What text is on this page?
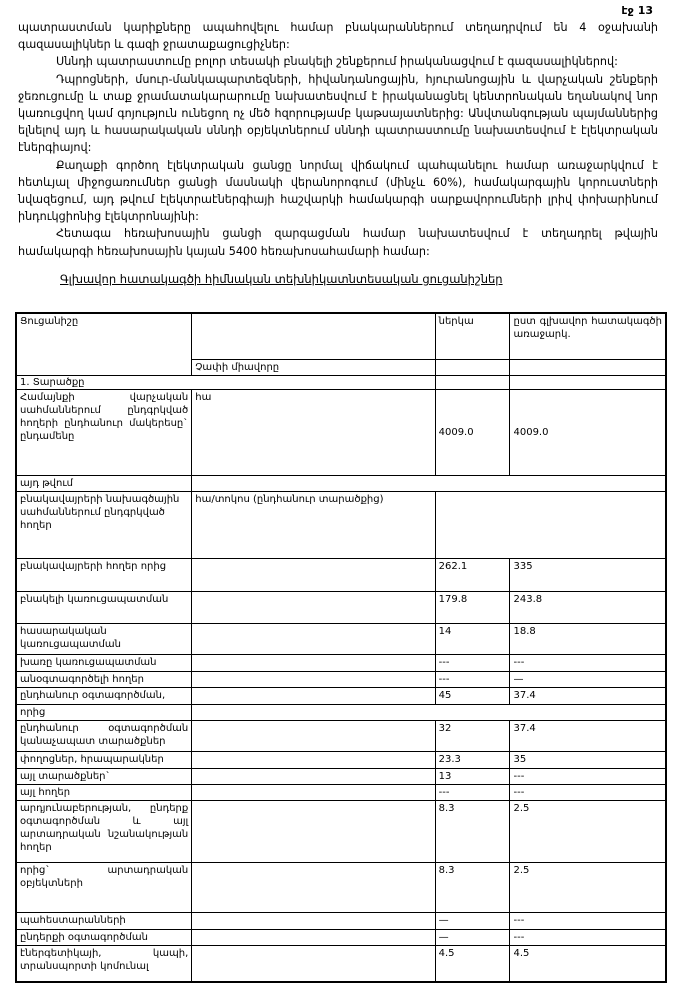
էջ 13

պատրաստման կարիքները ապահովելու համար բնակարաններում տեղադրվում են 4 օջախանի գազասալիկներ և գազի ջրատաքացուցիչներ:

Սննդի պատրաստումը բոլոր տեսակի բնակելի շենքերում իրականացվում է գազասալիկներով:

Դպրոցների, մսուր-մանկապարտեզների, հիվանդանոցային, հյուրանոցային և վարչական շենքերի ջեռուցումը և տաք ջրամատակարարումը նախատեսվում է իրականացնել կենտրոնական եղանակով նոր կառուցվող կամ գոյություն ունեցող ոչ մեծ հզորությամբ կաթսայատներից: Անվտանգության պայմաններից ելնելով այդ և հասարակական սննդի օբյեկտներում սննդի պատրաստումը նախատեսվում է էլեկտրական էներգիայով:

Քաղաքի գործող էլեկտրական ցանցը նորմալ վիճակում պահպանելու համար առաջարկվում է հետևյալ միջոցառումներ ցանցի մասնակի վերանորոգում (մինչև 60%), համակարգային կորուստների նվազեցում, այդ թվում էլեկտրաէներգիայի հաշվարկի համակարգի սարքավորումների լրիվ փոխարինում ինդուկցիոնից էլեկտրոնայինի:

Հետագա հեռախոսային ցանցի զարգացման համար նախատեսվում է տեղադրել թվային համակարգի հեռախոսային կայան 5400 հեռախոսահամարի համար:

Գլխավոր հատակագծի հիմնական տեխնիկատնտեսական ցուցանիշներ
Ցուցանիշը		ներկա	ըստ գլխավոր հատակագծի առաջարկ.
	Չափի միավորը		
1. Տարածքը			
Համայնքի վարչական սահմաններում ընդգրկված հողերի ընդհանուր մակերեսը` ընդամենը	հա	4009.0	4009.0
այդ թվում			
բնակավայրերի նախագծային սահմաններում ընդգրկված հողեր	հա/տոկոս (ընդհանուր տարածքից)		
բնակավայրերի հողեր որից		262.1	335
բնակելի կառուցապատման		179.8	243.8
հասարակական կառուցապատման		14	18.8
խառը կառուցապատման		---	---
անօգտագործելի հողեր		---	—
ընդհանուր օգտագործման,		45	37.4
որից			
ընդհանուր օգտագործման կանաչապատ տարածքներ		32	37.4
փողոցներ, հրապարակներ		23.3	35
այլ տարածքներ`		13	---
այլ հողեր		---	---
արդյունաբերության, ընդերք օգտագործման և այլ արտադրական նշանակության հողեր		8.3	2.5
որից` արտադրական օբյեկտների		8.3	2.5
պահեստարանների		—	---
ընդերքի օգտագործման		—	---
էներգետիկայի, կապի, տրանսպորտի կոմունալ		4.5	4.5
